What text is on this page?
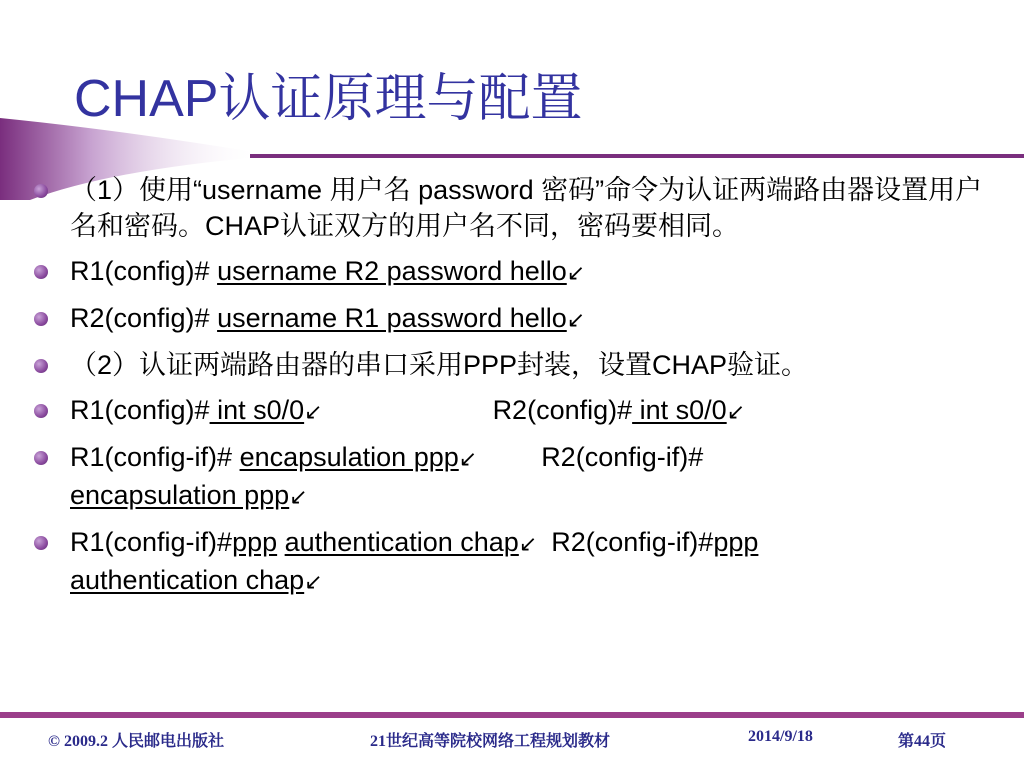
CHAP认证原理与配置
（1）使用“username 用户名 password 密码”命令为认证两端路由器设置用户名和密码。CHAP认证双方的用户名不同，密码要相同。
R1(config)# username R2 password hello↙
R2(config)# username R1 password hello↙
（2）认证两端路由器的串口采用PPP封装，设置CHAP验证。
R1(config)# int s0/0↙	R2(config)# int s0/0↙
R1(config-if)# encapsulation ppp↙ R2(config-if)#
encapsulation ppp↙
R1(config-if)#ppp authentication chap↙ R2(config-if)#ppp
authentication chap↙
© 2009.2 人民邮电出版社	21世纪高等院校网络工程规划教材	2014/9/18	第44页
